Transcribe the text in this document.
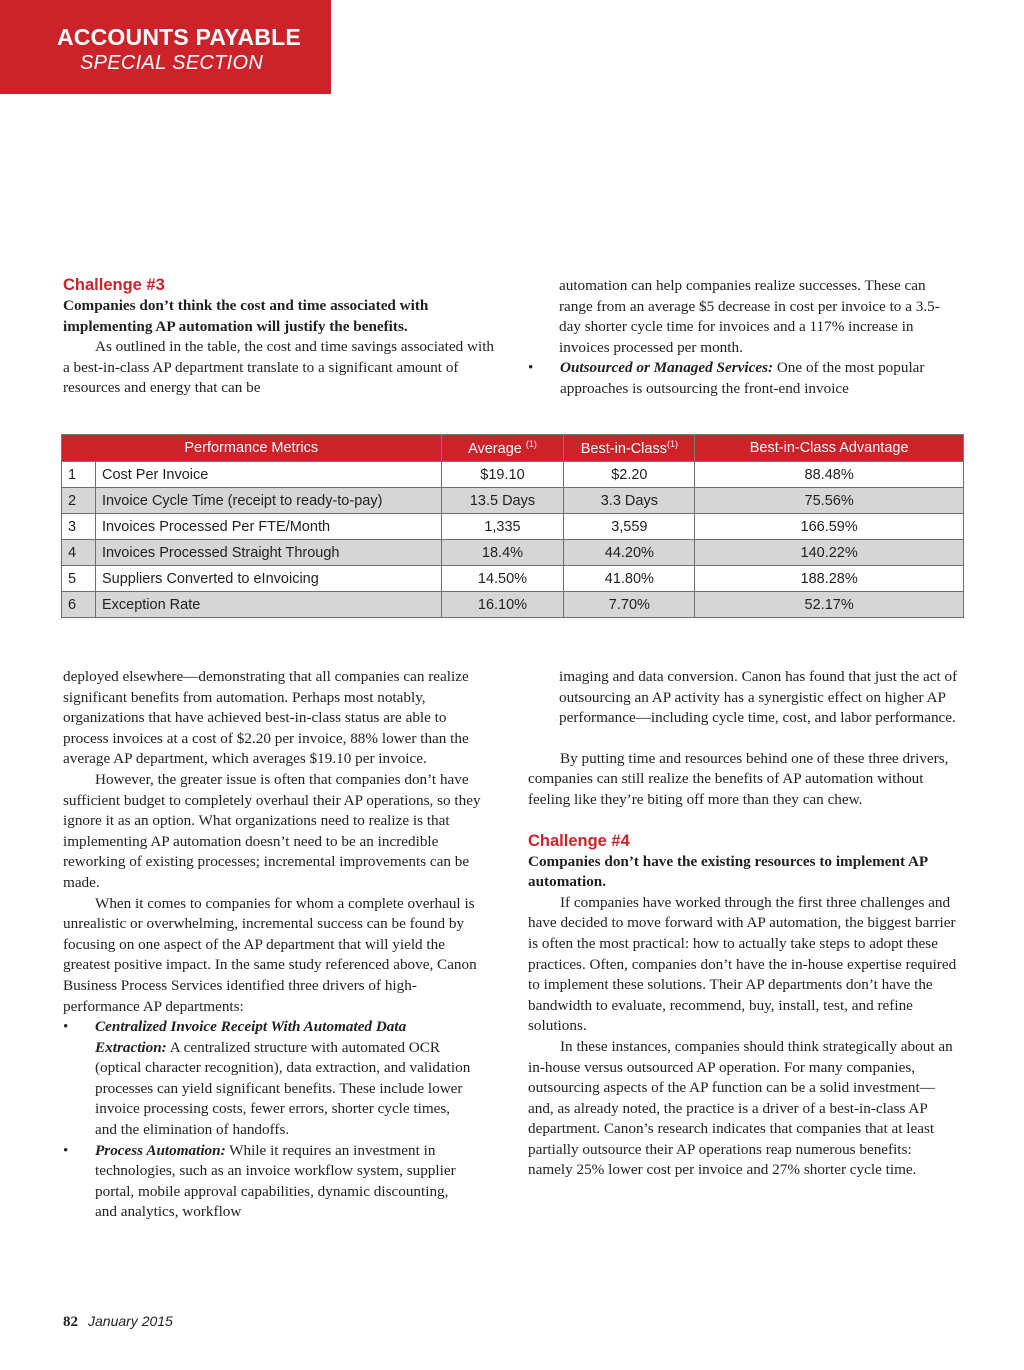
ACCOUNTS PAYABLE
SPECIAL SECTION
Challenge #3

Companies don’t think the cost and time associated with implementing AP automation will justify the benefits.

As outlined in the table, the cost and time savings associated with a best-in-class AP department translate to a significant amount of resources and energy that can be

automation can help companies realize successes. These can range from an average $5 decrease in cost per invoice to a 3.5-day shorter cycle time for invoices and a 117% increase in invoices processed per month.

• Outsourced or Managed Services: One of the most popular approaches is outsourcing the front-end invoice
Performance Metrics		Average $^{(1)}$	Best-in-Class$^{(1)}$	Best-in-Class Advantage
1	Cost Per Invoice	$19.10	$2.20	88.48%
2	Invoice Cycle Time (receipt to ready-to-pay)	13.5 Days	3.3 Days	75.56%
3	Invoices Processed Per FTE/Month	1,335	3,559	166.59%
4	Invoices Processed Straight Through	18.4%	44.20%	140.22%
5	Suppliers Converted to eInvoicing	14.50%	41.80%	188.28%
6	Exception Rate	16.10%	7.70%	52.17%

deployed elsewhere—demonstrating that all companies can realize significant benefits from automation. Perhaps most notably, organizations that have achieved best-in-class status are able to process invoices at a cost of $2.20 per invoice, 88% lower than the average AP department, which averages $19.10 per invoice.

However, the greater issue is often that companies don’t have sufficient budget to completely overhaul their AP operations, so they ignore it as an option. What organizations need to realize is that implementing AP automation doesn’t need to be an incredible reworking of existing processes; incremental improvements can be made.

When it comes to companies for whom a complete overhaul is unrealistic or overwhelming, incremental success can be found by focusing on one aspect of the AP department that will yield the greatest positive impact. In the same study referenced above, Canon Business Process Services identified three drivers of high-performance AP departments:

• Centralized Invoice Receipt With Automated Data Extraction: A centralized structure with automated OCR (optical character recognition), data extraction, and validation processes can yield significant benefits. These include lower invoice processing costs, fewer errors, shorter cycle times, and the elimination of handoffs.
• Process Automation: While it requires an investment in technologies, such as an invoice workflow system, supplier portal, mobile approval capabilities, dynamic discounting, and analytics, workflow

imaging and data conversion. Canon has found that just the act of outsourcing an AP activity has a synergistic effect on higher AP performance—including cycle time, cost, and labor performance.

By putting time and resources behind one of these three drivers, companies can still realize the benefits of AP automation without feeling like they’re biting off more than they can chew.

Challenge #4

Companies don’t have the existing resources to implement AP automation.

If companies have worked through the first three challenges and have decided to move forward with AP automation, the biggest barrier is often the most practical: how to actually take steps to adopt these practices. Often, companies don’t have the in-house expertise required to implement these solutions. Their AP departments don’t have the bandwidth to evaluate, recommend, buy, install, test, and refine solutions.

In these instances, companies should think strategically about an in-house versus outsourced AP operation. For many companies, outsourcing aspects of the AP function can be a solid investment—and, as already noted, the practice is a driver of a best-in-class AP department. Canon’s research indicates that companies that at least partially outsource their AP operations reap numerous benefits: namely 25% lower cost per invoice and 27% shorter cycle time.

82 January 2015
